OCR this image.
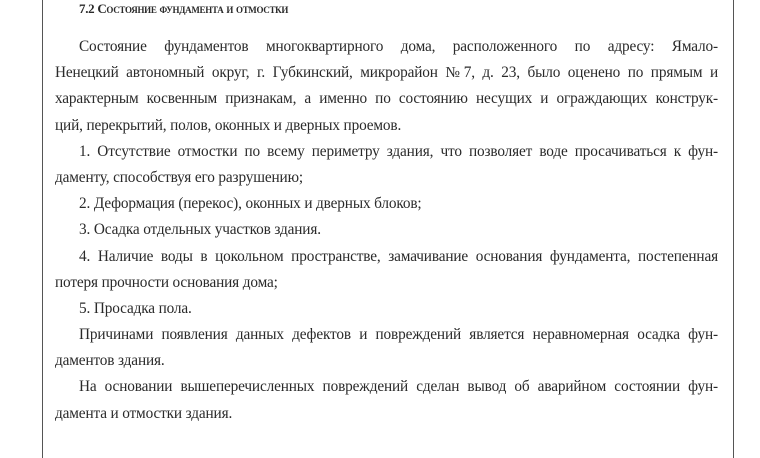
7.2 Состояние фундамента и отмостки
Состояние фундаментов многоквартирного дома, расположенного по адресу: Ямало-
Ненецкий автономный округ, г. Губкинский, микрорайон №7, д. 23, было оценено по прямым и
характерным косвенным признакам, а именно по состоянию несущих и ограждающих конструк-
ций, перекрытий, полов, оконных и дверных проемов.
1. Отсутствие отмостки по всему периметру здания, что позволяет воде просачиваться к фун-
даменту, способствуя его разрушению;
2. Деформация (перекос), оконных и дверных блоков;
3. Осадка отдельных участков здания.
4. Наличие воды в цокольном пространстве, замачивание основания фундамента, постепенная
потеря прочности основания дома;
5. Просадка пола.
Причинами появления данных дефектов и повреждений является неравномерная осадка фун-
даментов здания.
На основании вышеперечисленных повреждений сделан вывод об аварийном состоянии фун-
дамента и отмостки здания.
